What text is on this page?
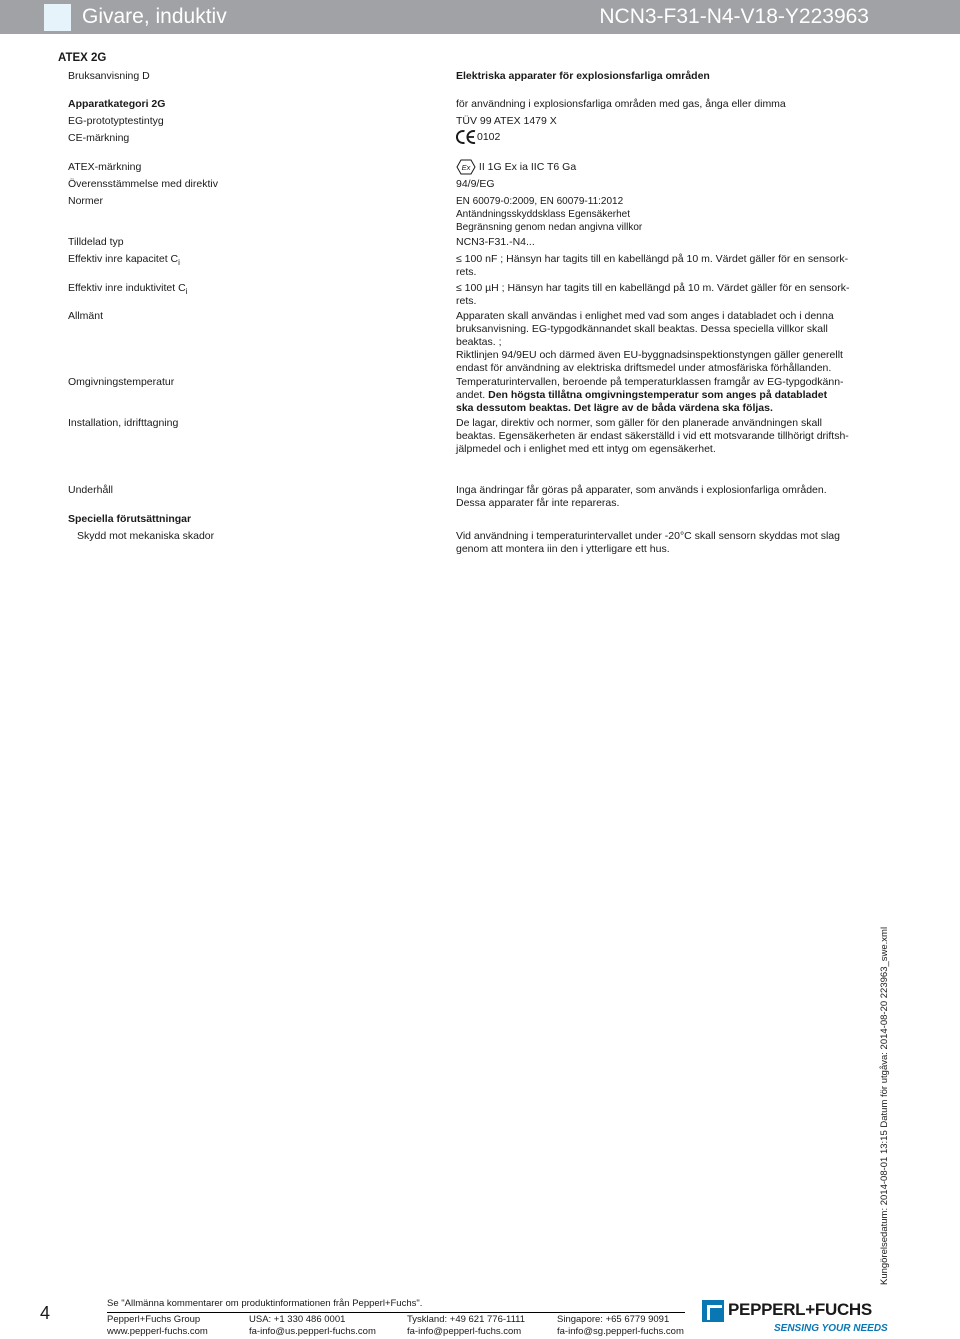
Givare, induktiv	NCN3-F31-N4-V18-Y223963
ATEX 2G
Bruksanvisning D	Elektriska apparater för explosionsfarliga områden
Apparatkategori 2G	för användning i explosionsfarliga områden med gas, ånga eller dimma
EG-prototyptestintyg	TÜV 99 ATEX 1479 X
CE-märkning	0102
ATEX-märkning	Ex II 1G Ex ia IIC T6 Ga
Överensstämmelse med direktiv	94/9/EG
Normer	EN 60079-0:2009, EN 60079-11:2012
Antändningsskyddsklass Egensäkerhet
Begränsning genom nedan angivna villkor
Tilldelad typ	NCN3-F31.-N4...
Effektiv inre kapacitet $C_i$	≤ 100 nF ; Hänsyn har tagits till en kabellängd på 10 m. Värdet gäller för en sensork-
rets.
Effektiv inre induktivitet $C_i$	≤ 100 µH ; Hänsyn har tagits till en kabellängd på 10 m. Värdet gäller för en sensork-
rets.
Allmänt	Apparaten skall användas i enlighet med vad som anges i databladet och i denna
bruksanvisning. EG-typgodkännandet skall beaktas. Dessa speciella villkor skall
beaktas. ;
Riktlinjen 94/9EU och därmed även EU-byggnadsinspektionstyngen gäller generellt
endast för användning av elektriska driftsmedel under atmosfäriska förhållanden.
Omgivningstemperatur	Temperaturintervallen, beroende på temperaturklassen framgår av EG-typgodkänn-
andet. Den högsta tillåtna omgivningstemperatur som anges på databladet
ska dessutom beaktas. Det lägre av de båda värdena ska följas.
Installation, idrifttagning	De lagar, direktiv och normer, som gäller för den planerade användningen skall
beaktas. Egensäkerheten är endast säkerställd i vid ett motsvarande tillhörigt driftsh-
jälpmedel och i enlighet med ett intyg om egensäkerhet.
Underhåll	Inga ändringar får göras på apparater, som används i explosionfarliga områden.
Dessa apparater får inte repareras.
Speciella förutsättningar
Skydd mot mekaniska skador	Vid användning i temperaturintervallet under -20°C skall sensorn skyddas mot slag
genom att montera iin den i ytterligare ett hus.
Kungörelsedatum: 2014-08-01 13:15 Datum för utgåva: 2014-08-20 223963_swe.xml
4	Se "Allmänna kommentarer om produktinformationen från Pepperl+Fuchs".
Pepperl+Fuchs Group
www.pepperl-fuchs.com
USA: +1 330 486 0001
fa-info@us.pepperl-fuchs.com
Tyskland: +49 621 776-1111
fa-info@pepperl-fuchs.com
Singapore: +65 6779 9091
fa-info@sg.pepperl-fuchs.com
PEPPERL+FUCHS
SENSING YOUR NEEDS
